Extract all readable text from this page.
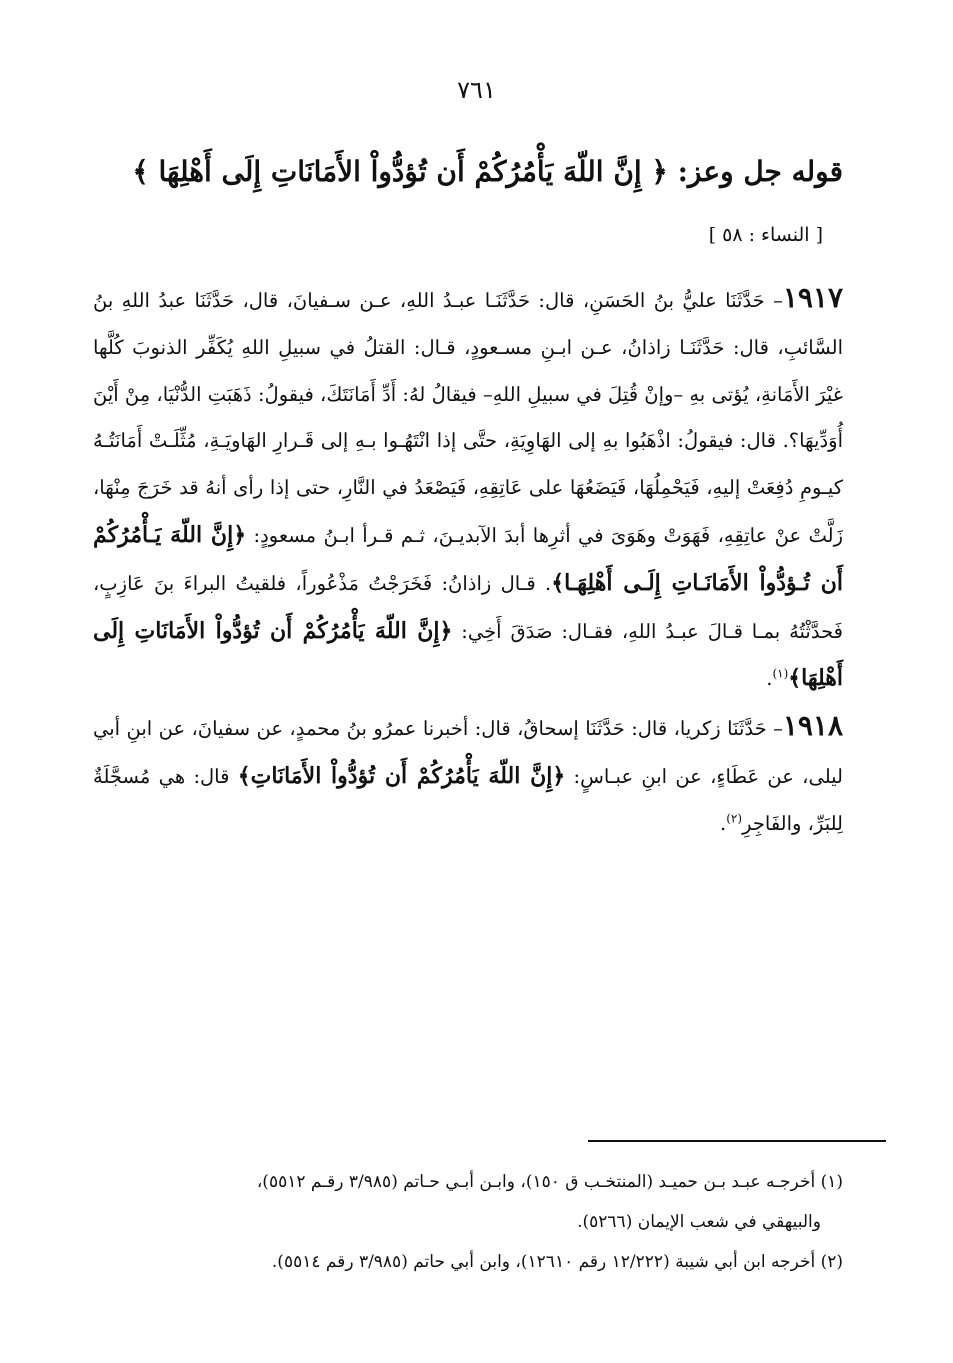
٧٦١
قوله جل وعز: ﴿ إِنَّ اللّهَ يَأْمُرُكُمْ أَن تُؤدُّواْ الأَمَانَاتِ إِلَى أَهْلِهَا ﴾
[ النساء : ٥٨ ]

١٩١٧– حَدَّثَنَا عليُّ بنُ الحَسَنِ، قال: حَدَّثَنَـا عبـدُ اللهِ، عـن سـفيانَ، قال، حَدَّثَنَا عبدُ اللهِ بنُ السَّائبِ، قال: حَدَّثَنَـا زاذانُ، عـن ابـنِ مسـعودٍ، قـال: القتلُ في سبيلِ اللهِ يُكَفِّر الذنوبَ كُلَّها غيْرَ الأَمَانةِ، يُؤتى بهِ –وإنْ قُتِلَ في سبيلِ اللهِ– فيقالُ لهُ: أَدِّ أَمَانَتَكَ، فيقولُ: ذَهَبَتِ الدُّنْيَا، مِنْ أَيْنَ أُوَدِّيهَا؟. قال: فيقولُ: اذْهَبُوا بهِ إلى الهَاوِيَةِ، حتَّى إذا انْتَهُـوا بـهِ إلى قَـرارِ الهَاويَـةِ، مُثِّلَـتْ أَمَانَتُـهُ كيـومِ دُفِعَتْ إليهِ، فَيَحْمِلُهَا، فَيَضَعُهَا على عَاتِقِهِ، فَيَصْعَدُ في النَّارِ، حتى إذا رأى أنهُ قد خَرَجَ مِنْهَا، زَلَّتْ عنْ عاتِقِهِ، فَهَوَتْ وهَوَىَ في أثرِها أبدَ الآبديـنَ، ثـم قـرأ ابـنُ مسعودٍ: ﴿إِنَّ اللّهَ يَـأْمُرُكُمْ أَن تُـؤدُّواْ الأَمَانَـاتِ إِلَـى أَهْلِهَـا﴾. قـال زاذانُ: فَخَرَجْتُ مَذْعُوراً، فلقيتُ البراءَ بنَ عَازِبٍ، فَحدَّثْتُهُ بمـا قـالَ عبـدُ اللهِ، فقـال: صَدَقَ أَخِي: ﴿إِنَّ اللّهَ يَأْمُرُكُمْ أَن تُؤدُّواْ الأَمَانَاتِ إِلَى أَهْلِهَا﴾$^{(١)}$.

١٩١٨– حَدَّثَنَا زكريا، قال: حَدَّثَنَا إسحاقُ، قال: أخبرنا عمرُو بنُ محمدٍ، عن سفيانَ، عن ابنِ أبي ليلى، عن عَطَاءٍ، عن ابنِ عبـاسٍ: ﴿إِنَّ اللّهَ يَأْمُرُكُمْ أَن تُؤدُّواْ الأَمَانَاتِ﴾ قال: هي مُسجَّلَةٌ لِلبَرِّ، والفَاجِرِ$^{(٢)}$.

(١) أخرجـه عبـد بـن حميـد (المنتخـب ق ١٥٠)، وابـن أبـي حـاتم (٣/٩٨٥ رقـم ٥٥١٢)،

والبيهقي في شعب الإيمان (٥٢٦٦).

(٢) أخرجه ابن أبي شيبة (١٢/٢٢٢ رقم ١٢٦١٠)، وابن أبي حاتم (٣/٩٨٥ رقم ٥٥١٤).
